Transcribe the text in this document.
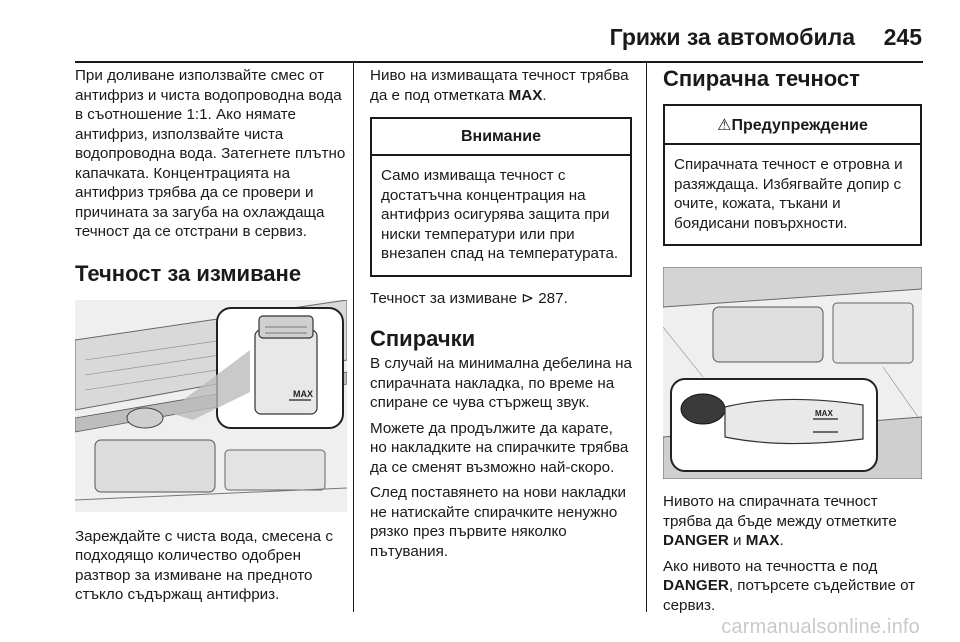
Грижи за автомобила 245

При доливане използвайте смес от антифриз и чиста водопроводна вода в съотношение 1:1. Ако нямате антифриз, използвайте чиста водопроводна вода. Затегнете плътно капачката. Концентрацията на антифриз трябва да се провери и причината за загуба на охлаждаща течност да се отстрани в сервиз.

Течност за измиване
MAX

Зареждайте с чиста вода, смесена с подходящо количество одобрен разтвор за измиване на предното стъкло съдържащ антифриз.

Ниво на измиващата течност трябва да е под отметката MAX.

Внимание
Само измиваща течност с достатъчна концентрация на антифриз осигурява защита при ниски температури или при внезапен спад на температурата.

Течност за измиване ⊳ 287.

Спирачки

В случай на минимална дебелина на спирачната накладка, по време на спиране се чува стържещ звук.

Можете да продължите да карате, но накладките на спирачките трябва да се сменят възможно най-скоро.

След поставянето на нови накладки не натискайте спирачките ненужно рязко през първите няколко пътувания.

Спирачна течност
⚠Предупреждение
Спирачната течност е отровна и разяждаща. Избягвайте допир с очите, кожата, тъкани и боядисани повърхности.
MAX

Нивото на спирачната течност трябва да бъде между отметките DANGER и MAX.

Ако нивото на течността е под DANGER, потърсете съдействие от сервиз.

carmanualsonline.info
